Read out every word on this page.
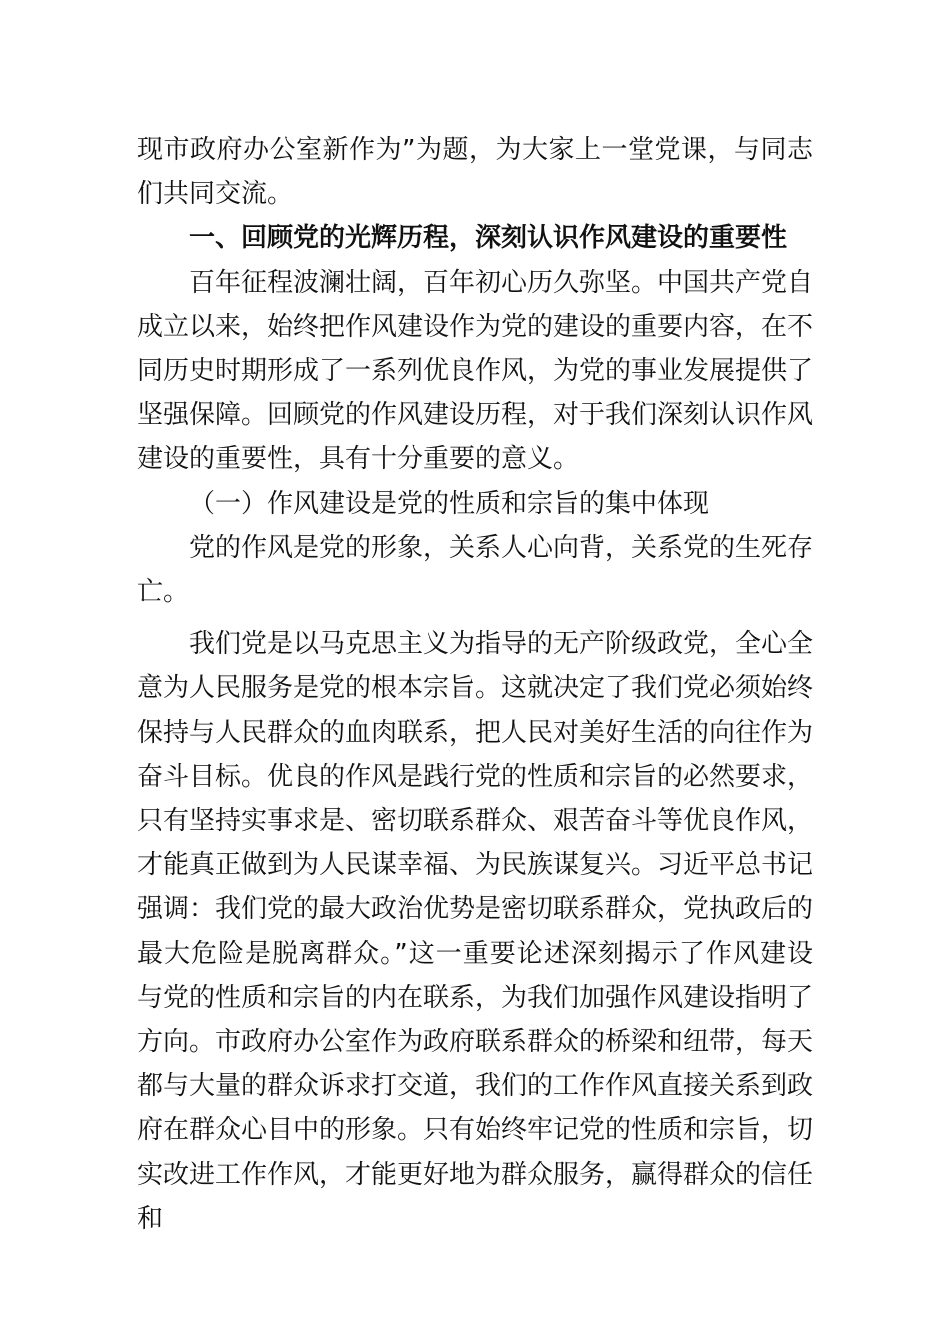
现市政府办公室新作为”为题，为大家上一堂党课，与同志们共同交流。

一、回顾党的光辉历程，深刻认识作风建设的重要性

百年征程波澜壮阔，百年初心历久弥坚。中国共产党自成立以来，始终把作风建设作为党的建设的重要内容，在不同历史时期形成了一系列优良作风，为党的事业发展提供了坚强保障。回顾党的作风建设历程，对于我们深刻认识作风建设的重要性，具有十分重要的意义。

（一）作风建设是党的性质和宗旨的集中体现

党的作风是党的形象，关系人心向背，关系党的生死存亡。

我们党是以马克思主义为指导的无产阶级政党，全心全意为人民服务是党的根本宗旨。这就决定了我们党必须始终保持与人民群众的血肉联系，把人民对美好生活的向往作为奋斗目标。优良的作风是践行党的性质和宗旨的必然要求，只有坚持实事求是、密切联系群众、艰苦奋斗等优良作风，才能真正做到为人民谋幸福、为民族谋复兴。习近平总书记强调：我们党的最大政治优势是密切联系群众，党执政后的最大危险是脱离群众。”这一重要论述深刻揭示了作风建设与党的性质和宗旨的内在联系，为我们加强作风建设指明了方向。市政府办公室作为政府联系群众的桥梁和纽带，每天都与大量的群众诉求打交道，我们的工作作风直接关系到政府在群众心目中的形象。只有始终牢记党的性质和宗旨，切实改进工作作风，才能更好地为群众服务，赢得群众的信任和
